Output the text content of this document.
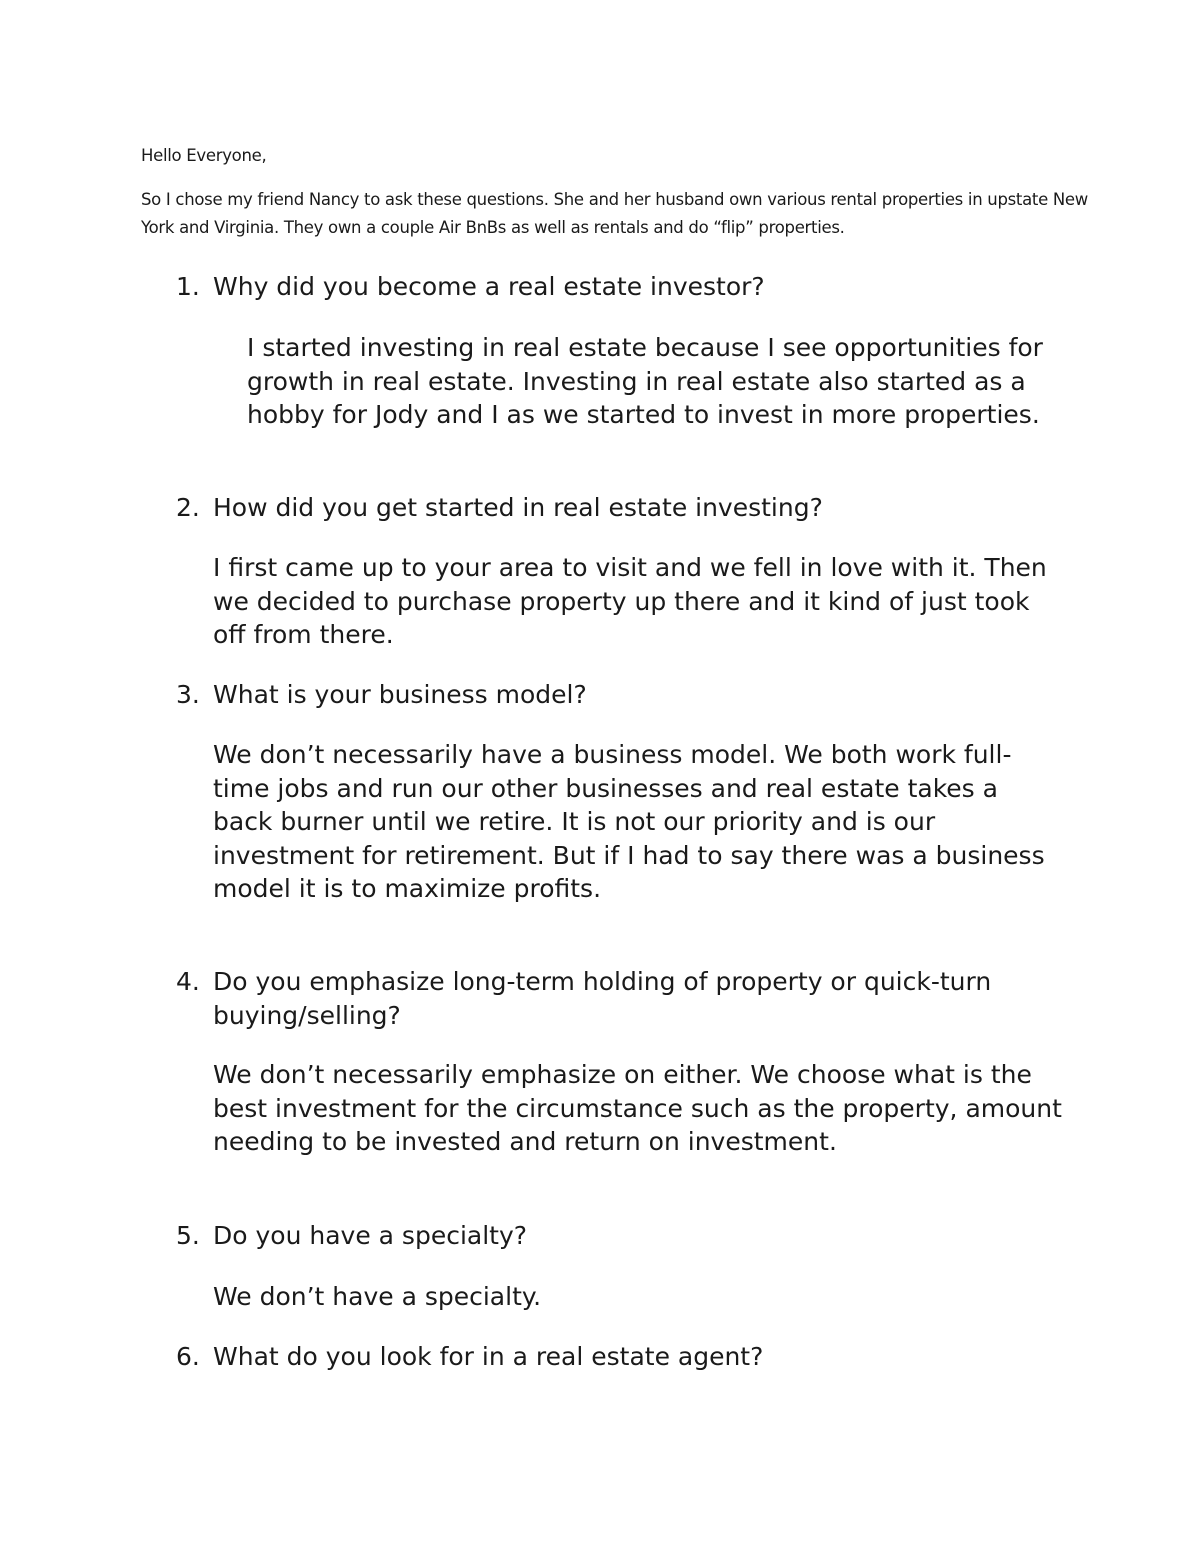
Hello Everyone,

So I chose my friend Nancy to ask these questions. She and her husband own various rental properties in upstate New York and Virginia. They own a couple Air BnBs as well as rentals and do “flip” properties.

1. Why did you become a real estate investor?

I started investing in real estate because I see opportunities for growth in real estate. Investing in real estate also started as a hobby for Jody and I as we started to invest in more properties.

2. How did you get started in real estate investing?

I first came up to your area to visit and we fell in love with it. Then we decided to purchase property up there and it kind of just took off from there.

3. What is your business model?

We don’t necessarily have a business model. We both work full-time jobs and run our other businesses and real estate takes a back burner until we retire. It is not our priority and is our investment for retirement. But if I had to say there was a business model it is to maximize profits.

4. Do you emphasize long-term holding of property or quick-turn buying/selling?

We don’t necessarily emphasize on either. We choose what is the best investment for the circumstance such as the property, amount needing to be invested and return on investment.

5. Do you have a specialty?

We don’t have a specialty.

6. What do you look for in a real estate agent?
